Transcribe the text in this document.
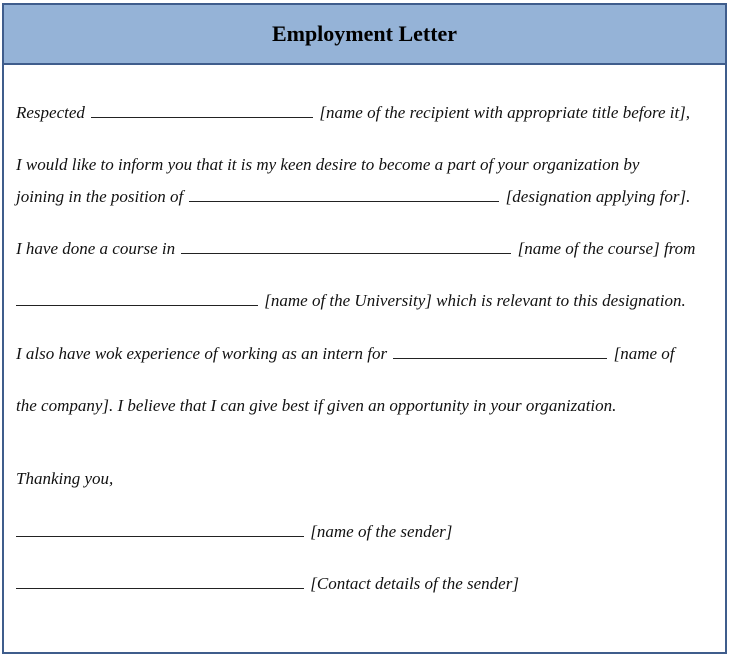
Employment Letter
Respected	[name of the recipient with appropriate title before it],
I would like to inform you that it is my keen desire to become a part of your organization by
joining in the position of	[designation applying for].
I have done a course in	[name of the course] from
[name of the University] which is relevant to this designation.
I also have wok experience of working as an intern for	[name of
the company]. I believe that I can give best if given an opportunity in your organization.
Thanking you,
[name of the sender]
[Contact details of the sender]
